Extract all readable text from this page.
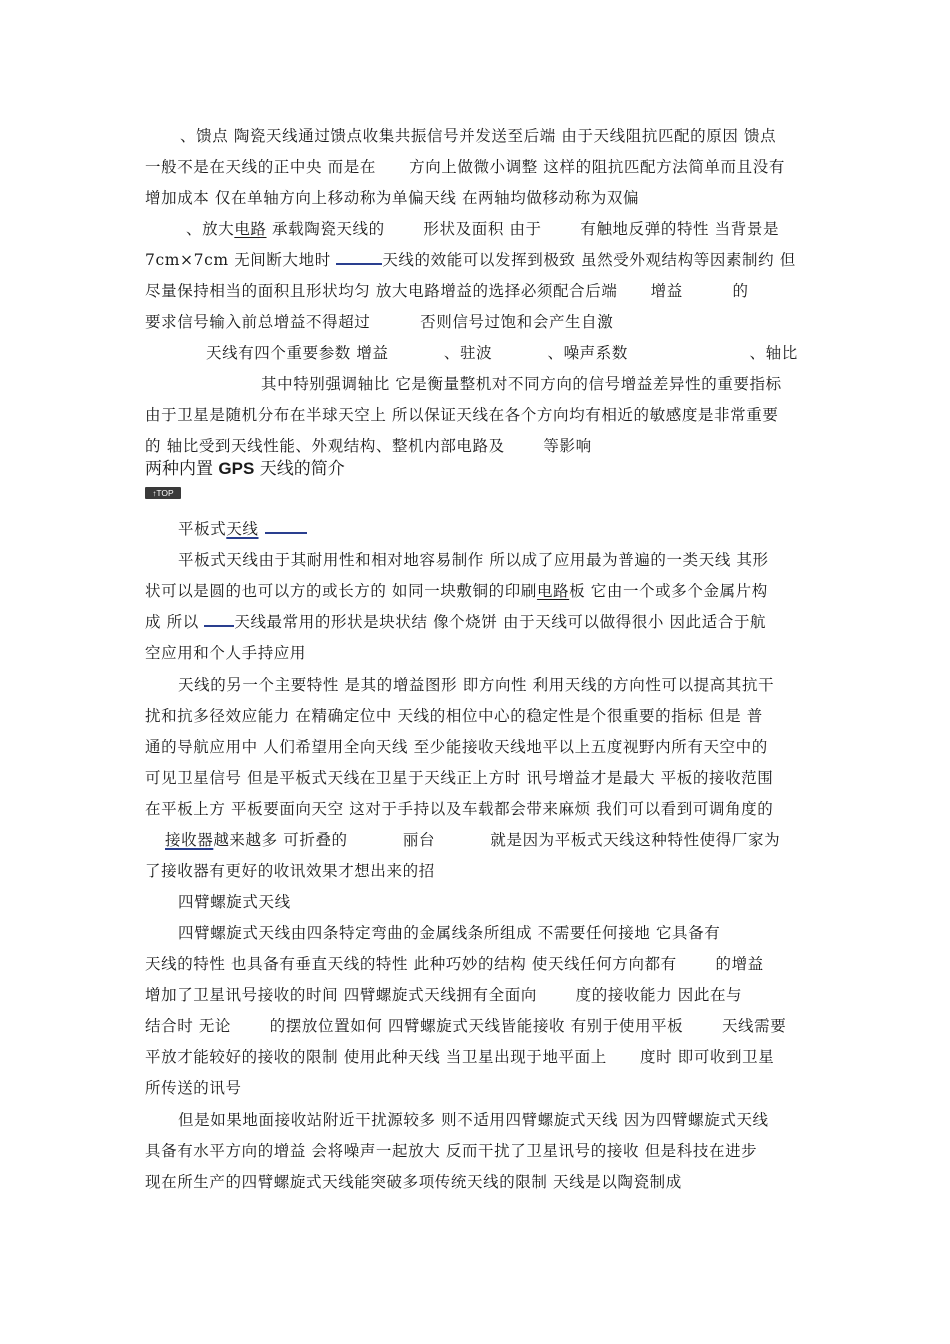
、馈点 陶瓷天线通过馈点收集共振信号并发送至后端 由于天线阻抗匹配的原因 馈点
一般不是在天线的正中央 而是在      方向上做微小调整 这样的阻抗匹配方法简单而且没有
增加成本 仅在单轴方向上移动称为单偏天线 在两轴均做移动称为双偏
、放大电路 承载陶瓷天线的       形状及面积 由于       有触地反弹的特性 当背景是
7cm×7cm 无间断大地时	天线的效能可以发挥到极致 虽然受外观结构等因素制约 但
尽量保持相当的面积且形状均匀 放大电路增益的选择必须配合后端      增益         的
要求信号输入前总增益不得超过         否则信号过饱和会产生自激
天线有四个重要参数 增益          、驻波          、噪声系数                      、轴比
其中特别强调轴比 它是衡量整机对不同方向的信号增益差异性的重要指标
由于卫星是随机分布在半球天空上 所以保证天线在各个方向均有相近的敏感度是非常重要
的 轴比受到天线性能、外观结构、整机内部电路及       等影响
两种内置 GPS 天线的简介
↑TOP
平板式天线
平板式天线由于其耐用性和相对地容易制作 所以成了应用最为普遍的一类天线 其形
状可以是圆的也可以方的或长方的 如同一块敷铜的印刷电路板 它由一个或多个金属片构
成 所以 天线最常用的形状是块状结 像个烧饼 由于天线可以做得很小 因此适合于航
空应用和个人手持应用
天线的另一个主要特性 是其的增益图形 即方向性 利用天线的方向性可以提高其抗干
扰和抗多径效应能力 在精确定位中 天线的相位中心的稳定性是个很重要的指标 但是 普
通的导航应用中 人们希望用全向天线 至少能接收天线地平以上五度视野内所有天空中的
可见卫星信号 但是平板式天线在卫星于天线正上方时 讯号增益才是最大 平板的接收范围
在平板上方 平板要面向天空 这对于手持以及车载都会带来麻烦 我们可以看到可调角度的
接收器越来越多 可折叠的          丽台          就是因为平板式天线这种特性使得厂家为
了接收器有更好的收讯效果才想出来的招
四臂螺旋式天线
四臂螺旋式天线由四条特定弯曲的金属线条所组成 不需要任何接地 它具备有
天线的特性 也具备有垂直天线的特性 此种巧妙的结构 使天线任何方向都有       的增益
增加了卫星讯号接收的时间 四臂螺旋式天线拥有全面向       度的接收能力 因此在与
结合时 无论       的摆放位置如何 四臂螺旋式天线皆能接收 有别于使用平板       天线需要
平放才能较好的接收的限制 使用此种天线 当卫星出现于地平面上      度时 即可收到卫星
所传送的讯号
但是如果地面接收站附近干扰源较多 则不适用四臂螺旋式天线 因为四臂螺旋式天线
具备有水平方向的增益 会将噪声一起放大 反而干扰了卫星讯号的接收 但是科技在进步
现在所生产的四臂螺旋式天线能突破多项传统天线的限制 天线是以陶瓷制成
